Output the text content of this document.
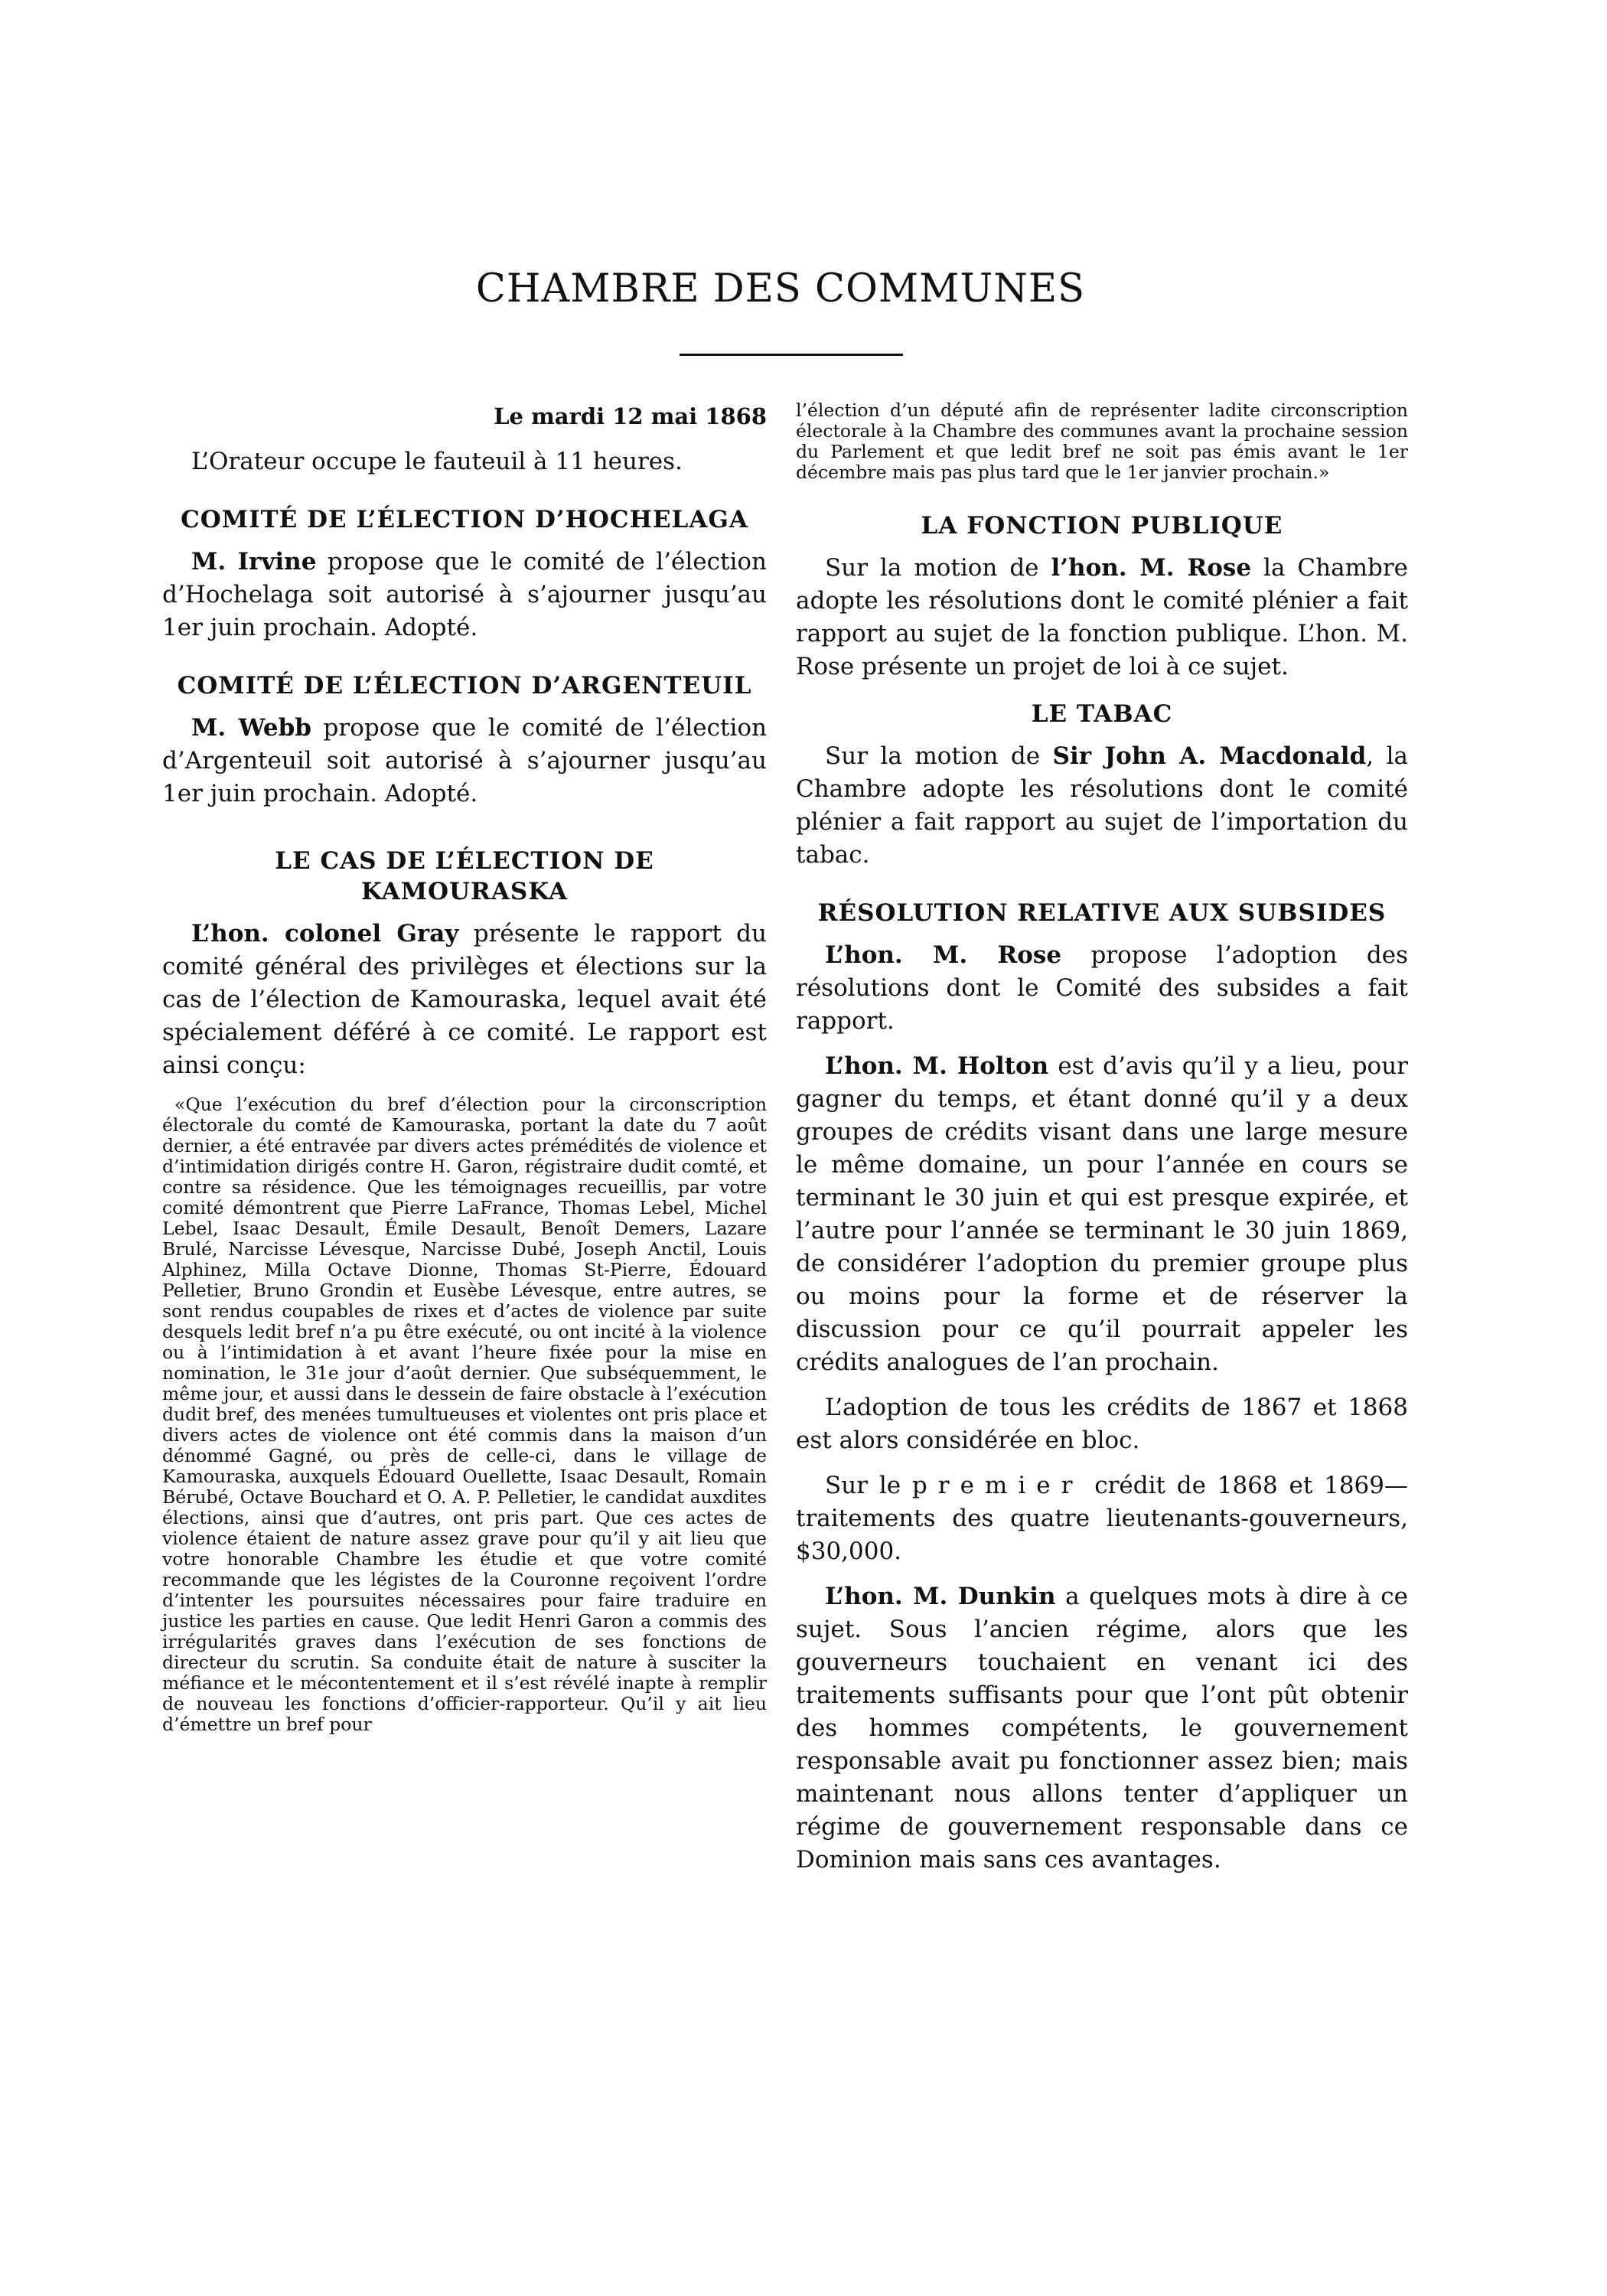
CHAMBRE DES COMMUNES

Le mardi 12 mai 1868

L’Orateur occupe le fauteuil à 11 heures.

COMITÉ DE L’ÉLECTION D’HOCHELAGA

M. Irvine propose que le comité de l’élection d’Hochelaga soit autorisé à s’ajourner jusqu’au 1er juin prochain. Adopté.

COMITÉ DE L’ÉLECTION D’ARGENTEUIL

M. Webb propose que le comité de l’élection d’Argenteuil soit autorisé à s’ajourner jusqu’au 1er juin prochain. Adopté.

LE CAS DE L’ÉLECTION DE
KAMOURASKA

L’hon. colonel Gray présente le rapport du comité général des privilèges et élections sur la cas de l’élection de Kamouraska, lequel avait été spécialement déféré à ce comité. Le rapport est ainsi conçu:

«Que l’exécution du bref d’élection pour la circonscription électorale du comté de Kamouraska, portant la date du 7 août dernier, a été entravée par divers actes prémédités de violence et d’intimidation dirigés contre H. Garon, régistraire dudit comté, et contre sa résidence. Que les témoignages recueillis, par votre comité démontrent que Pierre LaFrance, Thomas Lebel, Michel Lebel, Isaac Desault, Émile Desault, Benoît Demers, Lazare Brulé, Narcisse Lévesque, Narcisse Dubé, Joseph Anctil, Louis Alphinez, Milla Octave Dionne, Thomas St-Pierre, Édouard Pelletier, Bruno Grondin et Eusèbe Lévesque, entre autres, se sont rendus coupables de rixes et d’actes de violence par suite desquels ledit bref n’a pu être exécuté, ou ont incité à la violence ou à l’intimidation à et avant l’heure fixée pour la mise en nomination, le 31e jour d’août dernier. Que subséquemment, le même jour, et aussi dans le dessein de faire obstacle à l’exécution dudit bref, des menées tumultueuses et violentes ont pris place et divers actes de violence ont été commis dans la maison d’un dénommé Gagné, ou près de celle-ci, dans le village de Kamouraska, auxquels Édouard Ouellette, Isaac Desault, Romain Bérubé, Octave Bouchard et O. A. P. Pelletier, le candidat auxdites élections, ainsi que d’autres, ont pris part. Que ces actes de violence étaient de nature assez grave pour qu’il y ait lieu que votre honorable Chambre les étudie et que votre comité recommande que les légistes de la Couronne reçoivent l’ordre d’intenter les poursuites nécessaires pour faire traduire en justice les parties en cause. Que ledit Henri Garon a commis des irrégularités graves dans l’exécution de ses fonctions de directeur du scrutin. Sa conduite était de nature à susciter la méfiance et le mécontentement et il s’est révélé inapte à remplir de nouveau les fonctions d’officier-rapporteur. Qu’il y ait lieu d’émettre un bref pour

l’élection d’un député afin de représenter ladite circonscription électorale à la Chambre des communes avant la prochaine session du Parlement et que ledit bref ne soit pas émis avant le 1er décembre mais pas plus tard que le 1er janvier prochain.»

LA FONCTION PUBLIQUE

Sur la motion de l’hon. M. Rose la Chambre adopte les résolutions dont le comité plénier a fait rapport au sujet de la fonction publique. L’hon. M. Rose présente un projet de loi à ce sujet.

LE TABAC

Sur la motion de Sir John A. Macdonald, la Chambre adopte les résolutions dont le comité plénier a fait rapport au sujet de l’importation du tabac.

RÉSOLUTION RELATIVE AUX SUBSIDES

L’hon. M. Rose propose l’adoption des résolutions dont le Comité des subsides a fait rapport.

L’hon. M. Holton est d’avis qu’il y a lieu, pour gagner du temps, et étant donné qu’il y a deux groupes de crédits visant dans une large mesure le même domaine, un pour l’année en cours se terminant le 30 juin et qui est presque expirée, et l’autre pour l’année se terminant le 30 juin 1869, de considérer l’adoption du premier groupe plus ou moins pour la forme et de réserver la discussion pour ce qu’il pourrait appeler les crédits analogues de l’an prochain.

L’adoption de tous les crédits de 1867 et 1868 est alors considérée en bloc.

Sur le premier crédit de 1868 et 1869—traitements des quatre lieutenants-gouverneurs, $30,000.

L’hon. M. Dunkin a quelques mots à dire à ce sujet. Sous l’ancien régime, alors que les gouverneurs touchaient en venant ici des traitements suffisants pour que l’ont pût obtenir des hommes compétents, le gouvernement responsable avait pu fonctionner assez bien; mais maintenant nous allons tenter d’appliquer un régime de gouvernement responsable dans ce Dominion mais sans ces avantages.
